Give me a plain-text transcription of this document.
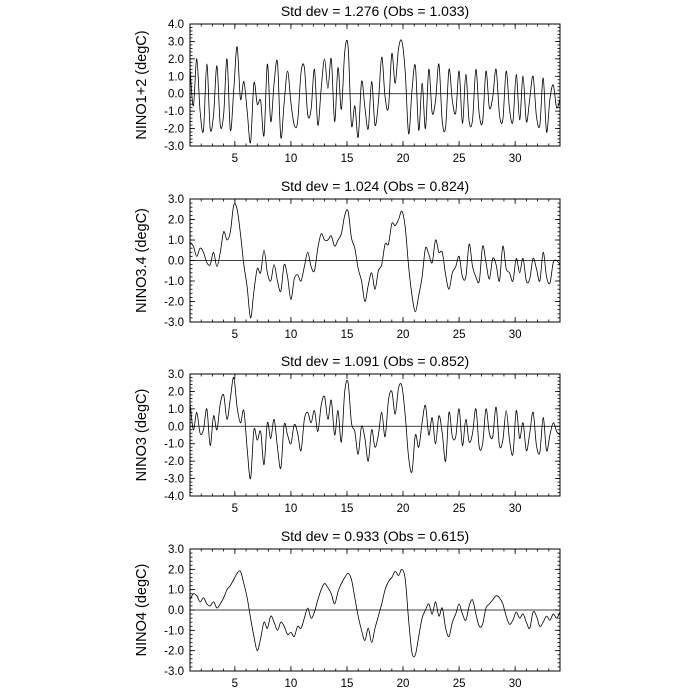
Std dev = 1.276 (Obs = 1.033)
NINO1+2 (degC)
-3.0
-2.0
-1.0
0.0
1.0
2.0
3.0
4.0
5	10	15	20	25	30
Std dev = 1.024 (Obs = 0.824)
NINO3.4 (degC)
-3.0
-2.0
-1.0
0.0
1.0
2.0
3.0
5	10	15	20	25	30
Std dev = 1.091 (Obs = 0.852)
NINO3 (degC)
-4.0
-3.0
-2.0
-1.0
0.0
1.0
2.0
3.0
5	10	15	20	25	30
Std dev = 0.933 (Obs = 0.615)
NINO4 (degC)
-3.0
-2.0
-1.0
0.0
1.0
2.0
3.0
5	10	15	20	25	30
